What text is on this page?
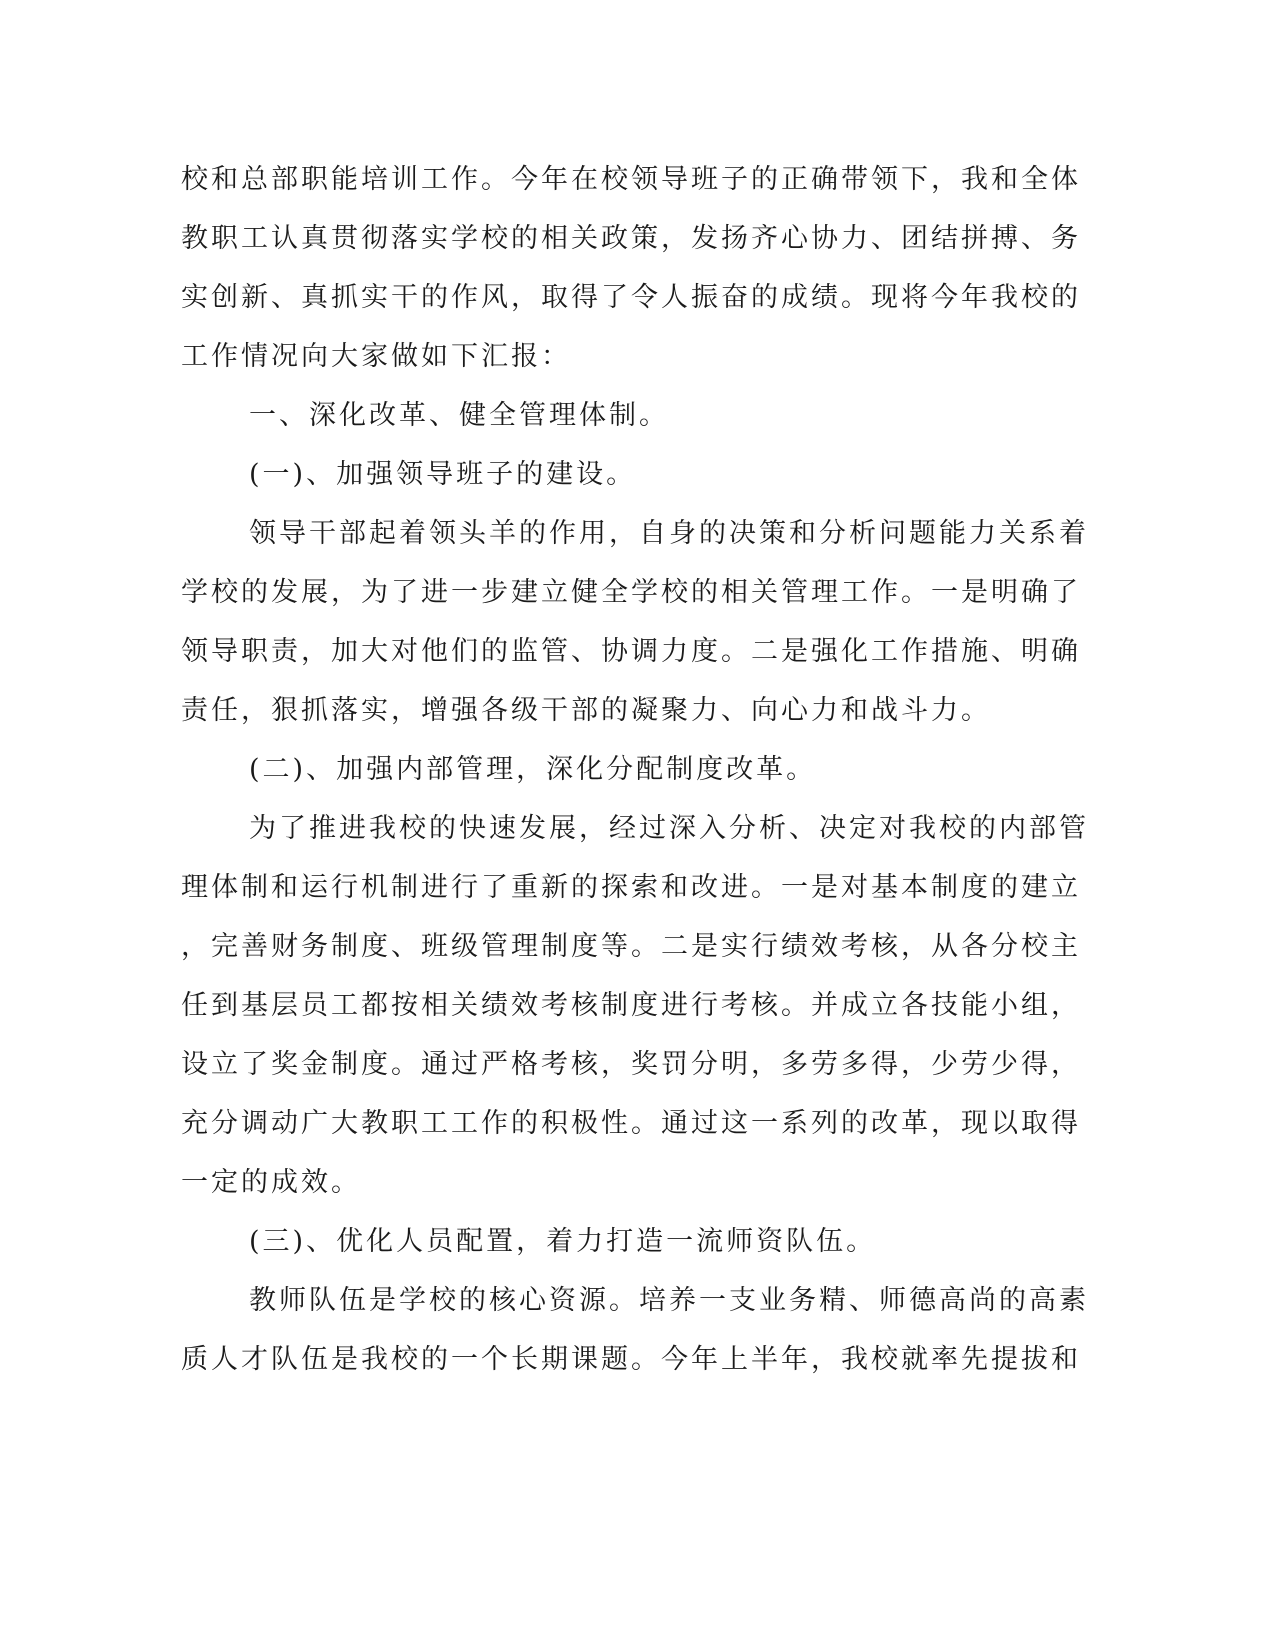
校和总部职能培训工作。今年在校领导班子的正确带领下，我和全体
教职工认真贯彻落实学校的相关政策，发扬齐心协力、团结拼搏、务
实创新、真抓实干的作风，取得了令人振奋的成绩。现将今年我校的
工作情况向大家做如下汇报：
一、深化改革、健全管理体制。
(一)、加强领导班子的建设。
领导干部起着领头羊的作用，自身的决策和分析问题能力关系着
学校的发展，为了进一步建立健全学校的相关管理工作。一是明确了
领导职责，加大对他们的监管、协调力度。二是强化工作措施、明确
责任，狠抓落实，增强各级干部的凝聚力、向心力和战斗力。
(二)、加强内部管理，深化分配制度改革。
为了推进我校的快速发展，经过深入分析、决定对我校的内部管
理体制和运行机制进行了重新的探索和改进。一是对基本制度的建立
，完善财务制度、班级管理制度等。二是实行绩效考核，从各分校主
任到基层员工都按相关绩效考核制度进行考核。并成立各技能小组，
设立了奖金制度。通过严格考核，奖罚分明，多劳多得，少劳少得，
充分调动广大教职工工作的积极性。通过这一系列的改革，现以取得
一定的成效。
(三)、优化人员配置，着力打造一流师资队伍。
教师队伍是学校的核心资源。培养一支业务精、师德高尚的高素
质人才队伍是我校的一个长期课题。今年上半年，我校就率先提拔和
